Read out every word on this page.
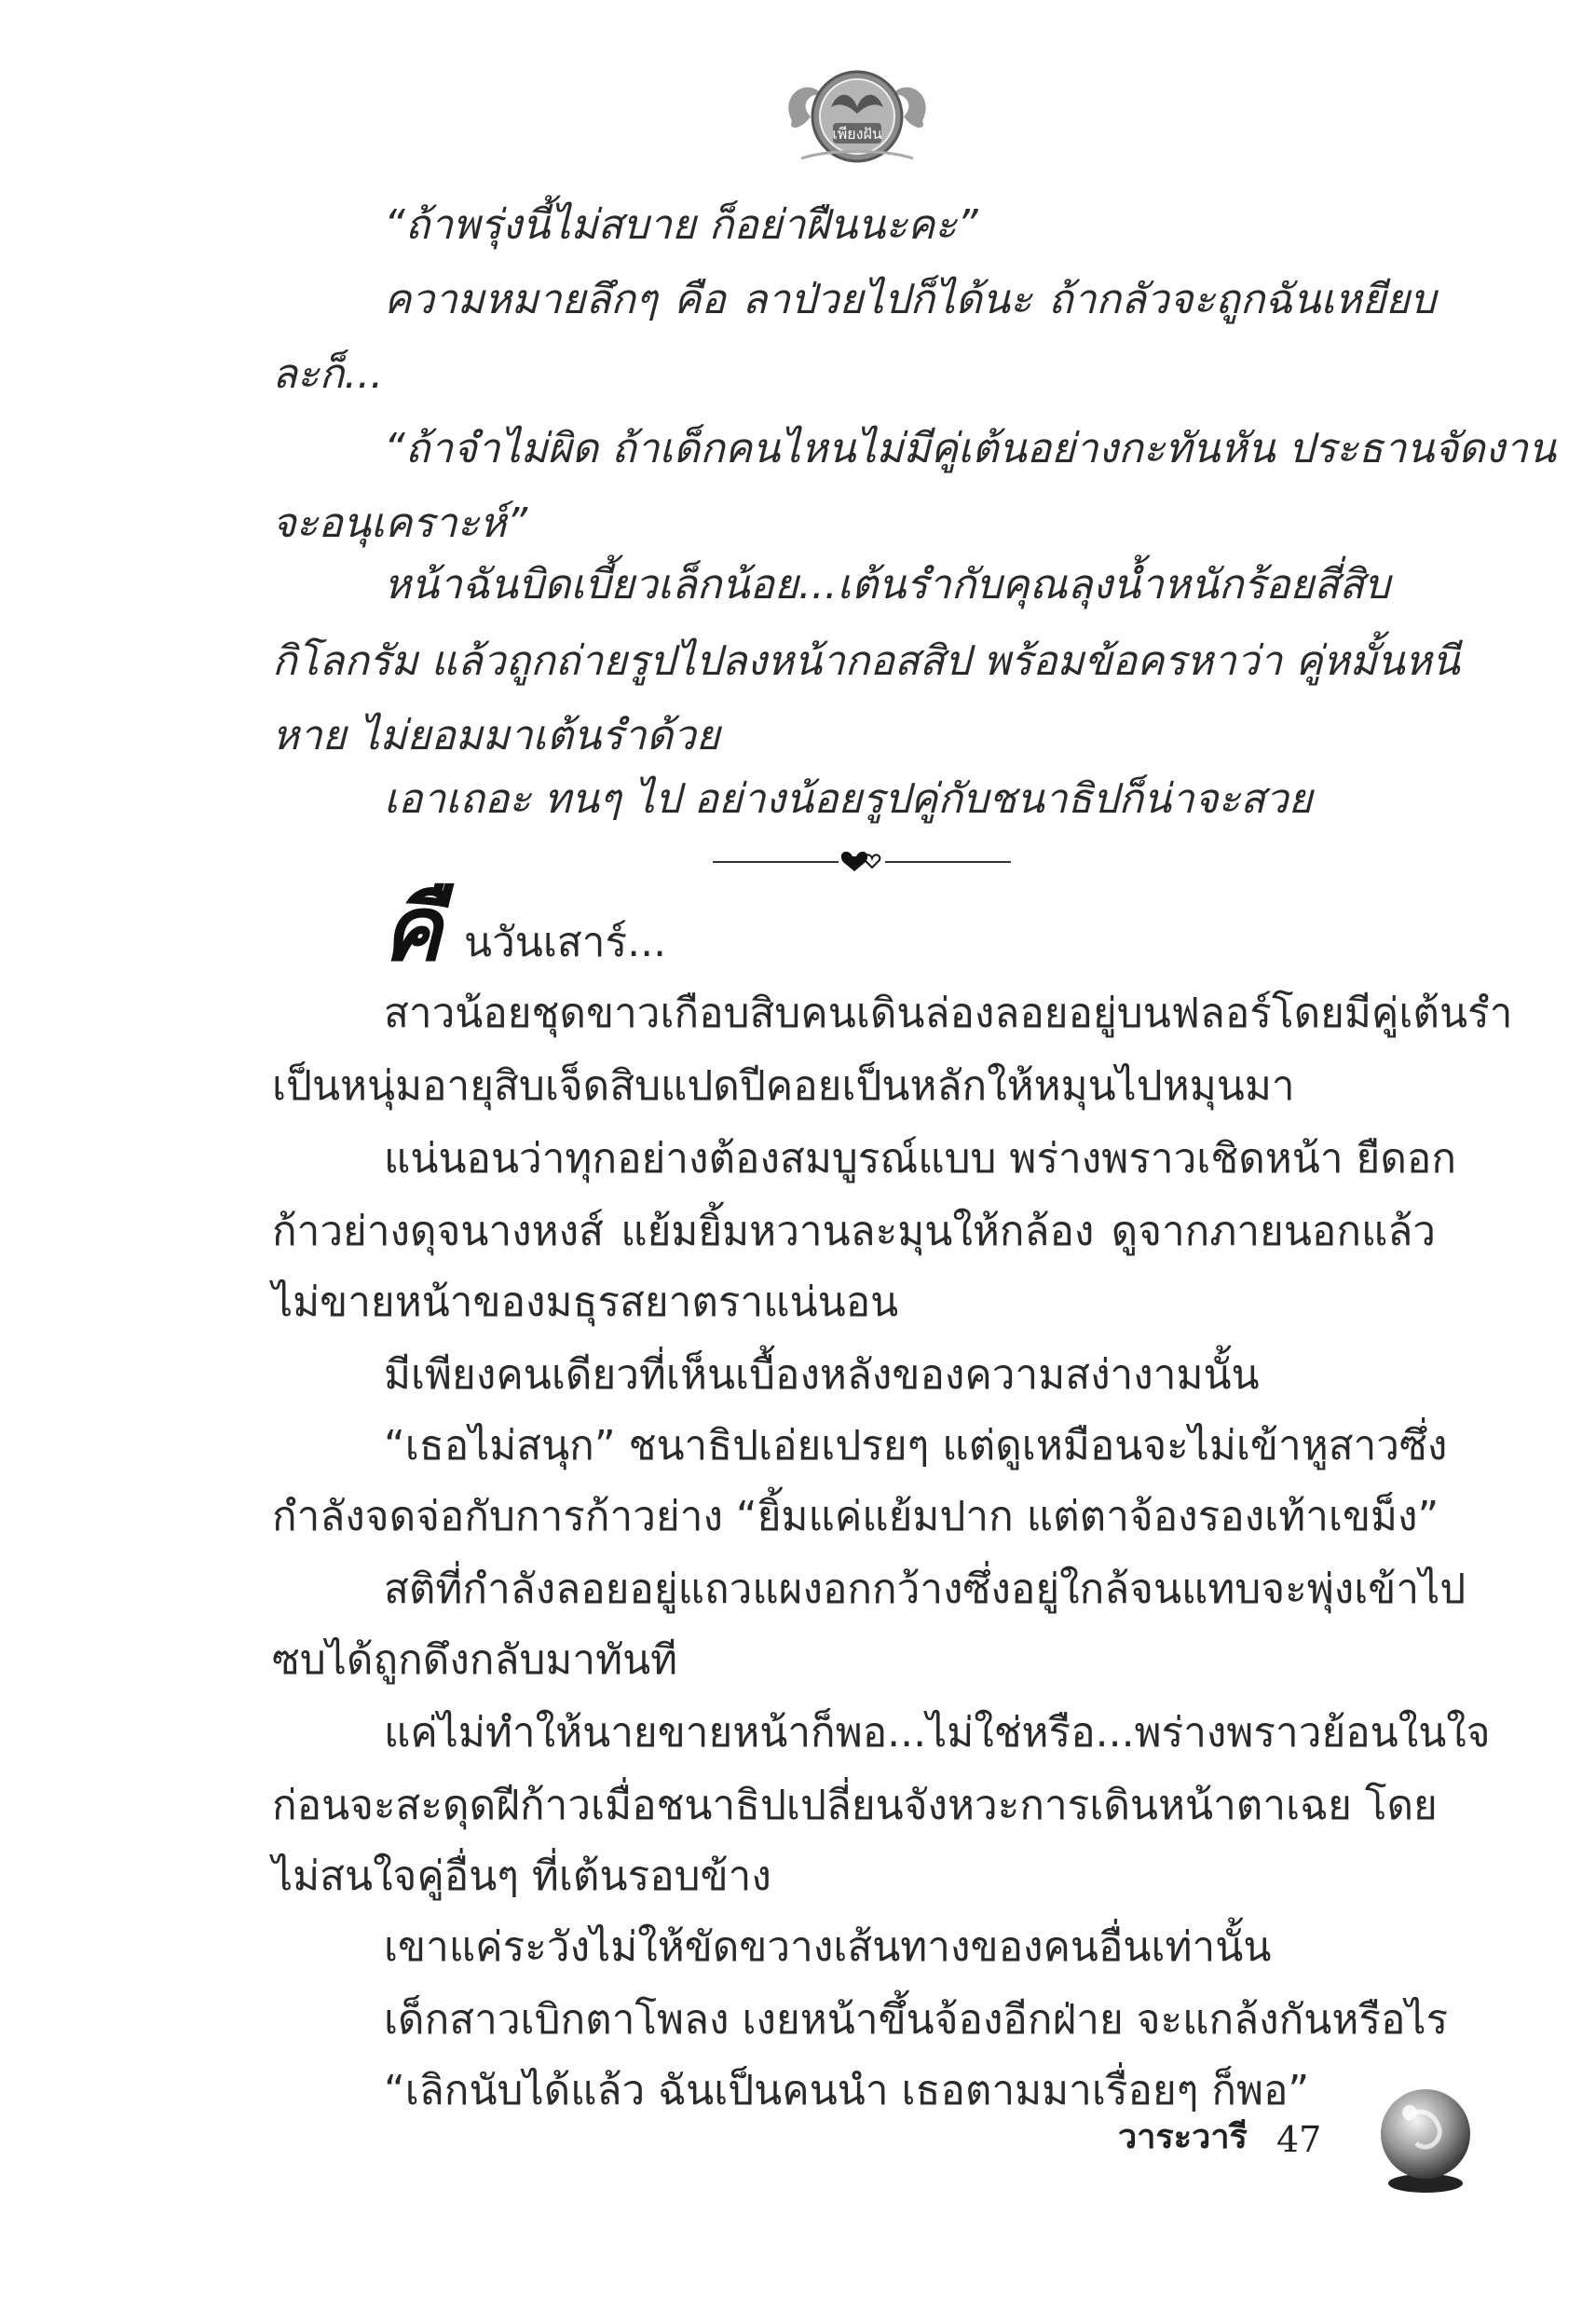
เพียงฝัน

“ถ้าพรุ่งนี้ไม่สบาย ก็อย่าฝืนนะคะ”

ความหมายลึกๆ คือ ลาป่วยไปก็ได้นะ ถ้ากลัวจะถูกฉันเหยียบ

ละก็...

“ถ้าจำไม่ผิด ถ้าเด็กคนไหนไม่มีคู่เต้นอย่างกะทันหัน ประธานจัดงาน

จะอนุเคราะห์”

หน้าฉันบิดเบี้ยวเล็กน้อย...เต้นรำกับคุณลุงน้ำหนักร้อยสี่สิบ

กิโลกรัม แล้วถูกถ่ายรูปไปลงหน้ากอสสิป พร้อมข้อครหาว่า คู่หมั้นหนี

หาย ไม่ยอมมาเต้นรำด้วย

เอาเถอะ ทนๆ ไป อย่างน้อยรูปคู่กับชนาธิปก็น่าจะสวย

คื นวันเสาร์...

สาวน้อยชุดขาวเกือบสิบคนเดินล่องลอยอยู่บนฟลอร์โดยมีคู่เต้นรำ

เป็นหนุ่มอายุสิบเจ็ดสิบแปดปีคอยเป็นหลักให้หมุนไปหมุนมา

แน่นอนว่าทุกอย่างต้องสมบูรณ์แบบ พร่างพราวเชิดหน้า ยืดอก

ก้าวย่างดุจนางหงส์ แย้มยิ้มหวานละมุนให้กล้อง ดูจากภายนอกแล้ว

ไม่ขายหน้าของมธุรสยาตราแน่นอน

มีเพียงคนเดียวที่เห็นเบื้องหลังของความสง่างามนั้น

“เธอไม่สนุก” ชนาธิปเอ่ยเปรยๆ แต่ดูเหมือนจะไม่เข้าหูสาวซึ่ง

กำลังจดจ่อกับการก้าวย่าง “ยิ้มแค่แย้มปาก แต่ตาจ้องรองเท้าเขม็ง”

สติที่กำลังลอยอยู่แถวแผงอกกว้างซึ่งอยู่ใกล้จนแทบจะพุ่งเข้าไป

ซบได้ถูกดึงกลับมาทันที

แค่ไม่ทำให้นายขายหน้าก็พอ...ไม่ใช่หรือ...พร่างพราวย้อนในใจ

ก่อนจะสะดุดฝีก้าวเมื่อชนาธิปเปลี่ยนจังหวะการเดินหน้าตาเฉย โดย

ไม่สนใจคู่อื่นๆ ที่เต้นรอบข้าง

เขาแค่ระวังไม่ให้ขัดขวางเส้นทางของคนอื่นเท่านั้น

เด็กสาวเบิกตาโพลง เงยหน้าขึ้นจ้องอีกฝ่าย จะแกล้งกันหรือไร

“เลิกนับได้แล้ว ฉันเป็นคนนำ เธอตามมาเรื่อยๆ ก็พอ”

วาระวารี 47
